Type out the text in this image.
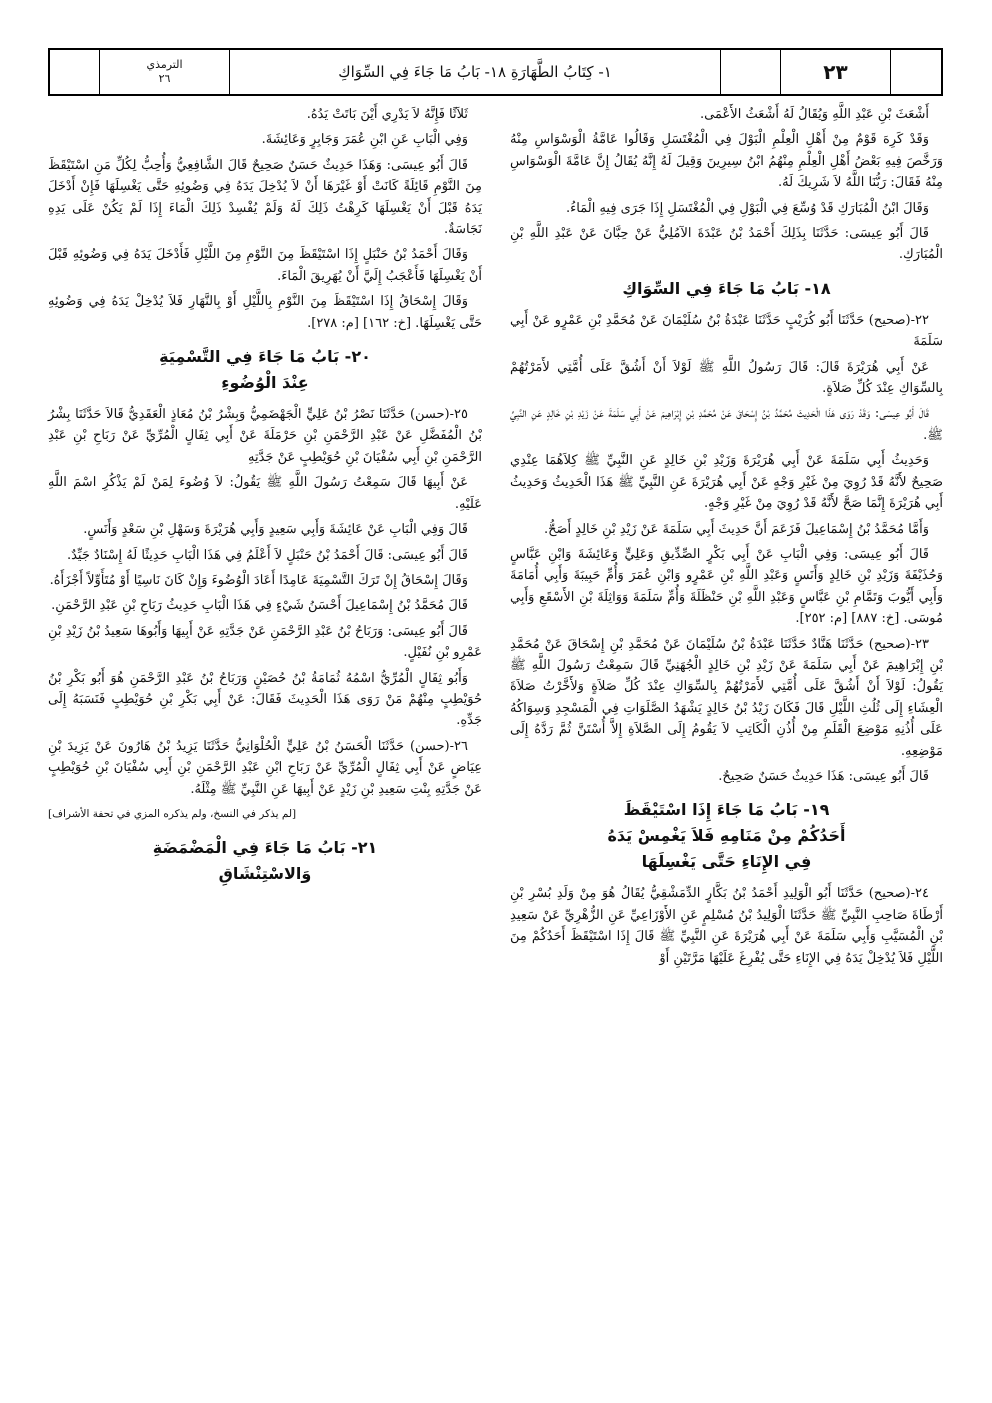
الترمذي
٢٦	١- كِتَابُ الطَّهَارَةِ ١٨- بَابُ مَا جَاءَ فِي السِّوَاكِ	٢٣

أَشْعَثَ بْنِ عَبْدِ اللَّهِ وَيُقَالُ لَهُ أَشْعَثُ الأَعْمَى.

وَقَدْ كَرِهَ قَوْمٌ مِنْ أَهْلِ الْعِلْمِ الْبَوْلَ فِي الْمُغْتَسَلِ وَقَالُوا عَامَّةُ الْوَسْوَاسِ مِنْهُ وَرَخَّصَ فِيهِ بَعْضُ أَهْلِ الْعِلْمِ مِنْهُمُ ابْنُ سِيرِينَ وَقِيلَ لَهُ إِنَّهُ يُقَالُ إِنَّ عَامَّةَ الْوَسْوَاسِ مِنْهُ فَقَالَ: رَبُّنَا اللَّهُ لاَ شَرِيكَ لَهُ.

وَقَالَ ابْنُ الْمُبَارَكِ قَدْ وُسِّعَ فِي الْبَوْلِ فِي الْمُغْتَسَلِ إِذَا جَرَى فِيهِ الْمَاءُ.

قَالَ أَبُو عِيسَى: حَدَّثَنَا بِذَلِكَ أَحْمَدُ بْنُ عَبْدَةَ الآمُلِيُّ عَنْ حِبَّانَ عَنْ عَبْدِ اللَّهِ بْنِ الْمُبَارَكِ.

١٨- بَابُ مَا جَاءَ فِي السِّوَاكِ

٢٢-(صحيح) حَدَّثَنَا أَبُو كُرَيْبٍ حَدَّثَنَا عَبْدَةُ بْنُ سُلَيْمَانَ عَنْ مُحَمَّدِ بْنِ عَمْرٍو عَنْ أَبِي سَلَمَةَ

عَنْ أَبِي هُرَيْرَةَ قَالَ: قَالَ رَسُولُ اللَّهِ ﷺ لَوْلاَ أَنْ أَشُقَّ عَلَى أُمَّتِي لأَمَرْتُهُمْ بِالسِّوَاكِ عِنْدَ كُلِّ صَلاَةٍ.

قَالَ أَبُو عِيسَى: وَقَدْ رَوَى هَذَا الْحَدِيثَ مُحَمَّدُ بْنُ إِسْحَاقَ عَنْ مُحَمَّدِ بْنِ إِبْرَاهِيمَ عَنْ أَبِي سَلَمَةَ عَنْ زَيْدِ بْنِ خَالِدٍ عَنِ النَّبِيِّ ﷺ.

وَحَدِيثُ أَبِي سَلَمَةَ عَنْ أَبِي هُرَيْرَةَ وَزَيْدِ بْنِ خَالِدٍ عَنِ النَّبِيِّ ﷺ كِلاَهُمَا عِنْدِي صَحِيحٌ لأَنَّهُ قَدْ رُوِيَ مِنْ غَيْرِ وَجْهٍ عَنْ أَبِي هُرَيْرَةَ عَنِ النَّبِيِّ ﷺ هَذَا الْحَدِيثُ وَحَدِيثُ أَبِي هُرَيْرَةَ إِنَّمَا صَحَّ لأَنَّهُ قَدْ رُوِيَ مِنْ غَيْرِ وَجْهٍ.

وَأَمَّا مُحَمَّدُ بْنُ إِسْمَاعِيلَ فَزَعَمَ أَنَّ حَدِيثَ أَبِي سَلَمَةَ عَنْ زَيْدِ بْنِ خَالِدٍ أَصَحُّ.

قَالَ أَبُو عِيسَى: وَفِي الْبَابِ عَنْ أَبِي بَكْرٍ الصِّدِّيقِ وَعَلِيٍّ وَعَائِشَةَ وَابْنِ عَبَّاسٍ وَحُذَيْفَةَ وَزَيْدِ بْنِ خَالِدٍ وَأَنَسٍ وَعَبْدِ اللَّهِ بْنِ عَمْرٍو وَابْنِ عُمَرَ وَأُمِّ حَبِيبَةَ وَأَبِي أُمَامَةَ وَأَبِي أَيُّوبَ وَتَمَّامِ بْنِ عَبَّاسٍ وَعَبْدِ اللَّهِ بْنِ حَنْظَلَةَ وَأُمِّ سَلَمَةَ وَوَاثِلَةَ بْنِ الأَسْقَعِ وَأَبِي مُوسَى. [خ: ٨٨٧] [م: ٢٥٢].

٢٣-(صحيح) حَدَّثَنَا هَنَّادٌ حَدَّثَنَا عَبْدَةُ بْنُ سُلَيْمَانَ عَنْ مُحَمَّدِ بْنِ إِسْحَاقَ عَنْ مُحَمَّدِ بْنِ إِبْرَاهِيمَ عَنْ أَبِي سَلَمَةَ عَنْ زَيْدِ بْنِ خَالِدٍ الْجُهَنِيِّ قَالَ سَمِعْتُ رَسُولَ اللَّهِ ﷺ يَقُولُ: لَوْلاَ أَنْ أَشُقَّ عَلَى أُمَّتِي لأَمَرْتُهُمْ بِالسِّوَاكِ عِنْدَ كُلِّ صَلاَةٍ وَلأَخَّرْتُ صَلاَةَ الْعِشَاءِ إِلَى ثُلُثِ اللَّيْلِ قَالَ فَكَانَ زَيْدُ بْنُ خَالِدٍ يَشْهَدُ الصَّلَوَاتِ فِي الْمَسْجِدِ وَسِوَاكُهُ عَلَى أُذُنِهِ مَوْضِعَ الْقَلَمِ مِنْ أُذُنِ الْكَاتِبِ لاَ يَقُومُ إِلَى الصَّلاَةِ إِلاَّ أُسْتَنَّ ثُمَّ رَدَّهُ إِلَى مَوْضِعِهِ.

قَالَ أَبُو عِيسَى: هَذَا حَدِيثٌ حَسَنٌ صَحِيحٌ.

١٩- بَابُ مَا جَاءَ إِذَا اسْتَيْقَظَ

أَحَدُكُمْ مِنْ مَنَامِهِ فَلاَ يَغْمِسْ يَدَهُ

فِي الإِنَاءِ حَتَّى يَغْسِلَهَا

٢٤-(صحيح) حَدَّثَنَا أَبُو الْوَلِيدِ أَحْمَدُ بْنُ بَكَّارٍ الدِّمَشْقِيُّ يُقَالُ هُوَ مِنْ وَلَدِ بُسْرِ بْنِ أَرْطَاةَ صَاحِبِ النَّبِيِّ ﷺ حَدَّثَنَا الْوَلِيدُ بْنُ مُسْلِمٍ عَنِ الأَوْزَاعِيِّ عَنِ الزُّهْرِيِّ عَنْ سَعِيدِ بْنِ الْمُسَيَّبِ وَأَبِي سَلَمَةَ عَنْ أَبِي هُرَيْرَةَ عَنِ النَّبِيِّ ﷺ قَالَ إِذَا اسْتَيْقَظَ أَحَدُكُمْ مِنَ اللَّيْلِ فَلاَ يُدْخِلْ يَدَهُ فِي الإِنَاءِ حَتَّى يُفْرِغَ عَلَيْهَا مَرَّتَيْنِ أَوْ

ثَلاَثًا فَإِنَّهُ لاَ يَدْرِي أَيْنَ بَاتَتْ يَدُهُ.

وَفِي الْبَابِ عَنِ ابْنِ عُمَرَ وَجَابِرٍ وَعَائِشَةَ.

قَالَ أَبُو عِيسَى: وَهَذَا حَدِيثٌ حَسَنٌ صَحِيحٌ قَالَ الشَّافِعِيُّ وَأُحِبُّ لِكُلِّ مَنِ اسْتَيْقَظَ مِنَ النَّوْمِ قَائِلَةً كَانَتْ أَوْ غَيْرَهَا أَنْ لاَ يُدْخِلَ يَدَهُ فِي وَضُوئِهِ حَتَّى يَغْسِلَهَا فَإِنْ أَدْخَلَ يَدَهُ قَبْلَ أَنْ يَغْسِلَهَا كَرِهْتُ ذَلِكَ لَهُ وَلَمْ يُفْسِدْ ذَلِكَ الْمَاءَ إِذَا لَمْ يَكُنْ عَلَى يَدِهِ نَجَاسَةٌ.

وَقَالَ أَحْمَدُ بْنُ حَنْبَلٍ إِذَا اسْتَيْقَظَ مِنَ النَّوْمِ مِنَ اللَّيْلِ فَأَدْخَلَ يَدَهُ فِي وَضُوئِهِ قَبْلَ أَنْ يَغْسِلَهَا فَأَعْجَبُ إِلَيَّ أَنْ يُهَرِيقَ الْمَاءَ.

وَقَالَ إِسْحَاقُ إِذَا اسْتَيْقَظَ مِنَ النَّوْمِ بِاللَّيْلِ أَوْ بِالنَّهَارِ فَلاَ يُدْخِلْ يَدَهُ فِي وَضُوئِهِ حَتَّى يَغْسِلَهَا. [خ: ١٦٢] [م: ٢٧٨].

٢٠- بَابُ مَا جَاءَ فِي التَّسْمِيَةِ

عِنْدَ الْوُضُوءِ

٢٥-(حسن) حَدَّثَنَا نَصْرُ بْنُ عَلِيٍّ الْجَهْضَمِيُّ وَبِشْرُ بْنُ مُعَاذٍ الْعَقَدِيُّ قَالاَ حَدَّثَنَا بِشْرُ بْنُ الْمُفَضَّلِ عَنْ عَبْدِ الرَّحْمَنِ بْنِ حَرْمَلَةَ عَنْ أَبِي ثِفَالٍ الْمُرِّيِّ عَنْ رَبَاحِ بْنِ عَبْدِ الرَّحْمَنِ بْنِ أَبِي سُفْيَانَ بْنِ حُوَيْطِبٍ عَنْ جَدَّتِهِ

عَنْ أَبِيهَا قَالَ سَمِعْتُ رَسُولَ اللَّهِ ﷺ يَقُولُ: لاَ وُضُوءَ لِمَنْ لَمْ يَذْكُرِ اسْمَ اللَّهِ عَلَيْهِ.

قَالَ وَفِي الْبَابِ عَنْ عَائِشَةَ وَأَبِي سَعِيدٍ وَأَبِي هُرَيْرَةَ وَسَهْلِ بْنِ سَعْدٍ وَأَنَسٍ.

قَالَ أَبُو عِيسَى: قَالَ أَحْمَدُ بْنُ حَنْبَلٍ لاَ أَعْلَمُ فِي هَذَا الْبَابِ حَدِيثًا لَهُ إِسْنَادٌ جَيِّدٌ.

وَقَالَ إِسْحَاقُ إِنْ تَرَكَ التَّسْمِيَةَ عَامِدًا أَعَادَ الْوُضُوءَ وَإِنْ كَانَ نَاسِيًا أَوْ مُتَأَوِّلاً أَجْزَأَهُ.

قَالَ مُحَمَّدُ بْنُ إِسْمَاعِيلَ أَحْسَنُ شَيْءٍ فِي هَذَا الْبَابِ حَدِيثُ رَبَاحِ بْنِ عَبْدِ الرَّحْمَنِ.

قَالَ أَبُو عِيسَى: وَرَبَاحُ بْنُ عَبْدِ الرَّحْمَنِ عَنْ جَدَّتِهِ عَنْ أَبِيهَا وَأَبُوهَا سَعِيدُ بْنُ زَيْدِ بْنِ عَمْرِو بْنِ نُفَيْلٍ.

وَأَبُو ثِفَالٍ الْمُرِّيُّ اسْمُهُ ثُمَامَةُ بْنُ حُصَيْنٍ وَرَبَاحُ بْنُ عَبْدِ الرَّحْمَنِ هُوَ أَبُو بَكْرِ بْنُ حُوَيْطِبٍ مِنْهُمْ مَنْ رَوَى هَذَا الْحَدِيثَ فَقَالَ: عَنْ أَبِي بَكْرِ بْنِ حُوَيْطِبٍ فَنَسَبَهُ إِلَى جَدِّهِ.

٢٦-(حسن) حَدَّثَنَا الْحَسَنُ بْنُ عَلِيٍّ الْحُلْوَانِيُّ حَدَّثَنَا يَزِيدُ بْنُ هَارُونَ عَنْ يَزِيدَ بْنِ عِيَاضٍ عَنْ أَبِي ثِفَالٍ الْمُرِّيِّ عَنْ رَبَاحِ ابْنِ عَبْدِ الرَّحْمَنِ بْنِ أَبِي سُفْيَانَ بْنِ حُوَيْطِبٍ عَنْ جَدَّتِهِ بِنْتِ سَعِيدِ بْنِ زَيْدٍ عَنْ أَبِيهَا عَنِ النَّبِيِّ ﷺ مِثْلَهُ.

[لم يذكر في النسخ، ولم يذكره المزي في تحفة الأشراف]

٢١- بَابُ مَا جَاءَ فِي الْمَضْمَضَةِ

وَالاسْتِنْشَاقِ
